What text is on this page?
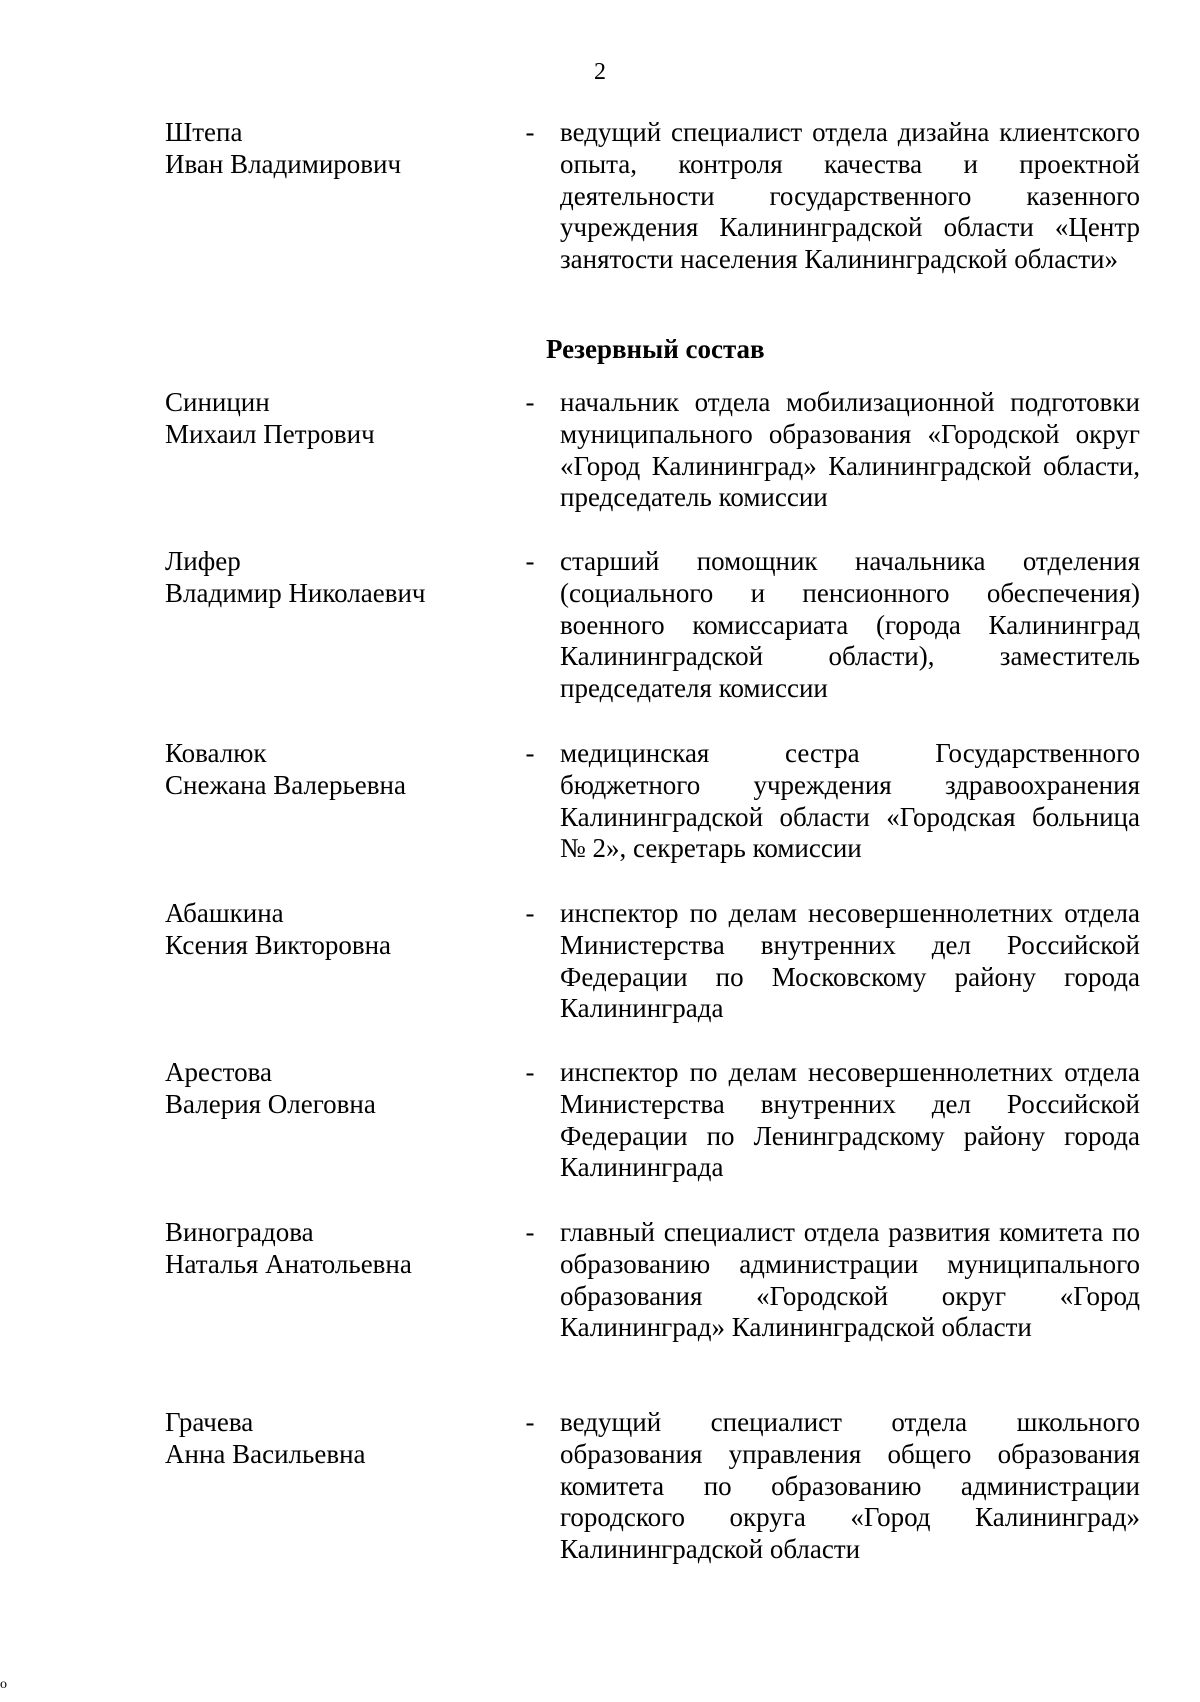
2
Штепа
Иван Владимирович
- ведущий специалист отдела дизайна клиентского опыта, контроля качества и проектной деятельности государственного казенного учреждения Калининградской области «Центр занятости населения Калининградской области»
Резервный состав
Синицин
Михаил Петрович
- начальник отдела мобилизационной подготовки муниципального образования «Городской округ «Город Калининград» Калининградской области, председатель комиссии
Лифер
Владимир Николаевич
- старший помощник начальника отделения (социального и пенсионного обеспечения) военного комиссариата (города Калининград Калининградской области), заместитель председателя комиссии
Ковалюк
Снежана Валерьевна
- медицинская сестра Государственного бюджетного учреждения здравоохранения Калининградской области «Городская больница № 2», секретарь комиссии
Абашкина
Ксения Викторовна
- инспектор по делам несовершеннолетних отдела Министерства внутренних дел Российской Федерации по Московскому району города Калининграда
Арестова
Валерия Олеговна
- инспектор по делам несовершеннолетних отдела Министерства внутренних дел Российской Федерации по Ленинградскому району города Калининграда
Виноградова
Наталья Анатольевна
- главный специалист отдела развития комитета по образованию администрации муниципального образования «Городской округ «Город Калининград» Калининградской области
Грачева
Анна Васильевна
- ведущий специалист отдела школьного образования управления общего образования комитета по образованию администрации городского округа «Город Калининград» Калининградской области
o
